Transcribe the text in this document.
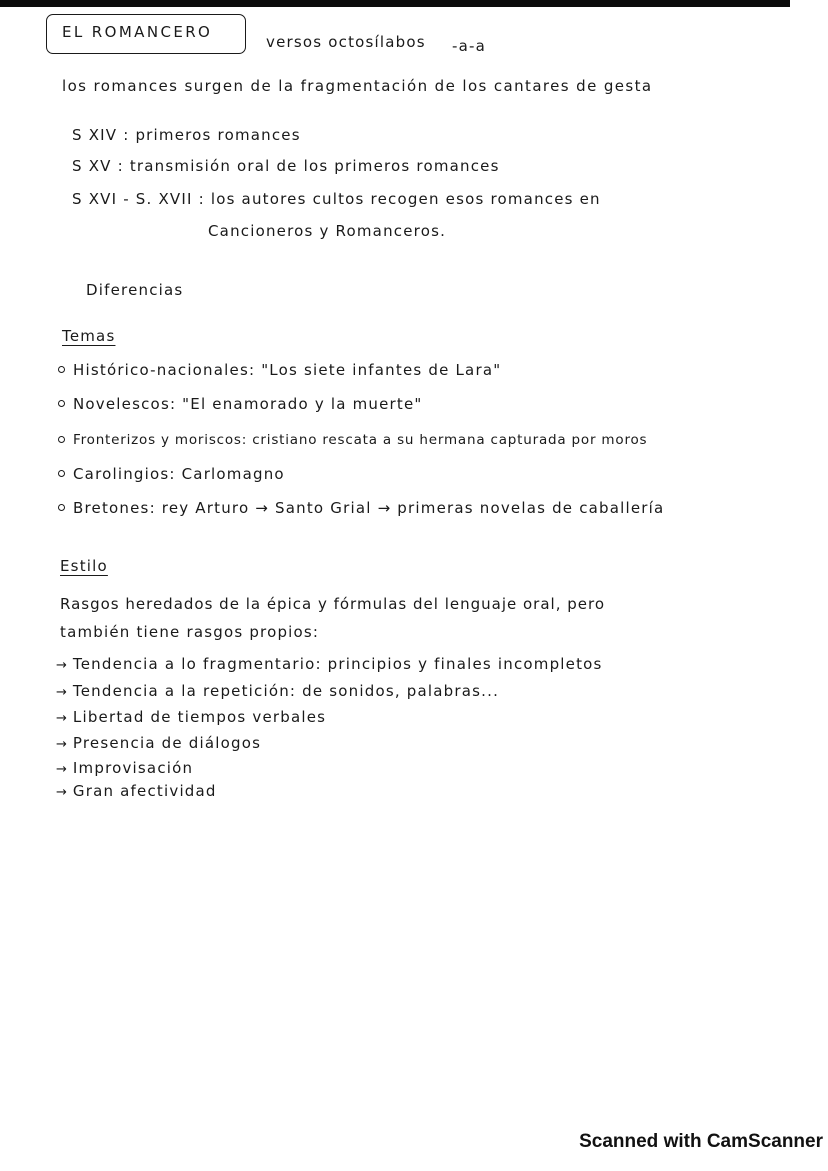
EL ROMANCERO
versos octosílabos -a-a
los romances surgen de la fragmentación de los cantares de gesta
S XIV : primeros romances
S XV : transmisión oral de los primeros romances
S XVI - S. XVII : los autores cultos recogen esos romances en
Cancioneros y Romanceros.
Diferencias
Temas
Histórico-nacionales: "Los siete infantes de Lara"
Novelescos: "El enamorado y la muerte"
Fronterizos y moriscos: cristiano rescata a su hermana capturada por moros
Carolingios: Carlomagno
Bretones: rey Arturo → Santo Grial → primeras novelas de caballería
Estilo
Rasgos heredados de la épica y fórmulas del lenguaje oral, pero
también tiene rasgos propios:
→ Tendencia a lo fragmentario: principios y finales incompletos
→ Tendencia a la repetición: de sonidos, palabras...
→ Libertad de tiempos verbales
→ Presencia de diálogos
→ Improvisación
→ Gran afectividad
Scanned with CamScanner
